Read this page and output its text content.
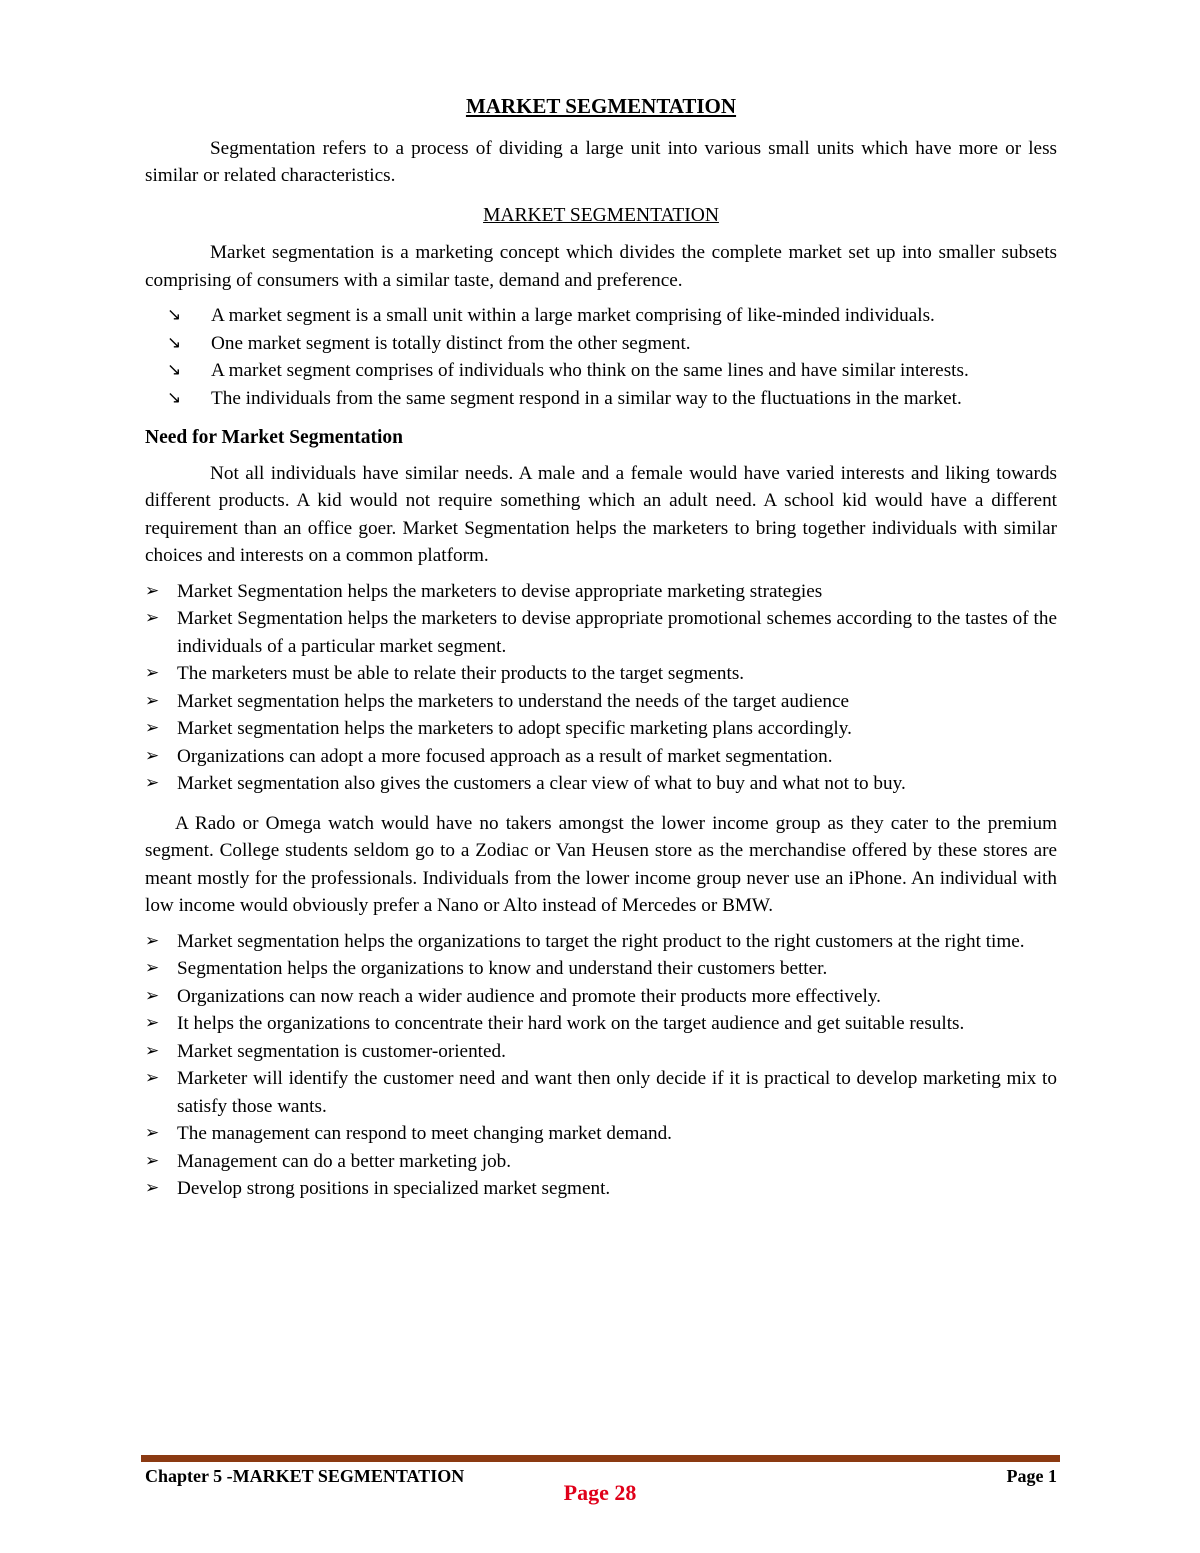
MARKET SEGMENTATION

Segmentation refers to a process of dividing a large unit into various small units which have more or less similar or related characteristics.

MARKET SEGMENTATION

Market segmentation is a marketing concept which divides the complete market set up into smaller subsets comprising of consumers with a similar taste, demand and preference.

↘	A market segment is a small unit within a large market comprising of like-minded individuals.
↘	One market segment is totally distinct from the other segment.
↘	A market segment comprises of individuals who think on the same lines and have similar interests.
↘	The individuals from the same segment respond in a similar way to the fluctuations in the market.
Need for Market Segmentation

Not all individuals have similar needs. A male and a female would have varied interests and liking towards different products. A kid would not require something which an adult need. A school kid would have a different requirement than an office goer. Market Segmentation helps the marketers to bring together individuals with similar choices and interests on a common platform.

➢ Market Segmentation helps the marketers to devise appropriate marketing strategies
➢ Market Segmentation helps the marketers to devise appropriate promotional schemes according to the tastes of the individuals of a particular market segment.
➢ The marketers must be able to relate their products to the target segments.
➢ Market segmentation helps the marketers to understand the needs of the target audience
➢ Market segmentation helps the marketers to adopt specific marketing plans accordingly.
➢ Organizations can adopt a more focused approach as a result of market segmentation.
➢ Market segmentation also gives the customers a clear view of what to buy and what not to buy.

A Rado or Omega watch would have no takers amongst the lower income group as they cater to the premium segment. College students seldom go to a Zodiac or Van Heusen store as the merchandise offered by these stores are meant mostly for the professionals. Individuals from the lower income group never use an iPhone. An individual with low income would obviously prefer a Nano or Alto instead of Mercedes or BMW.

➢ Market segmentation helps the organizations to target the right product to the right customers at the right time.
➢ Segmentation helps the organizations to know and understand their customers better.
➢ Organizations can now reach a wider audience and promote their products more effectively.
➢ It helps the organizations to concentrate their hard work on the target audience and get suitable results.
➢ Market segmentation is customer-oriented.
➢ Marketer will identify the customer need and want then only decide if it is practical to develop marketing mix to satisfy those wants.
➢ The management can respond to meet changing market demand.
➢ Management can do a better marketing job.
➢ Develop strong positions in specialized market segment.
Chapter 5 -MARKET SEGMENTATION	Page 1
Page 28
